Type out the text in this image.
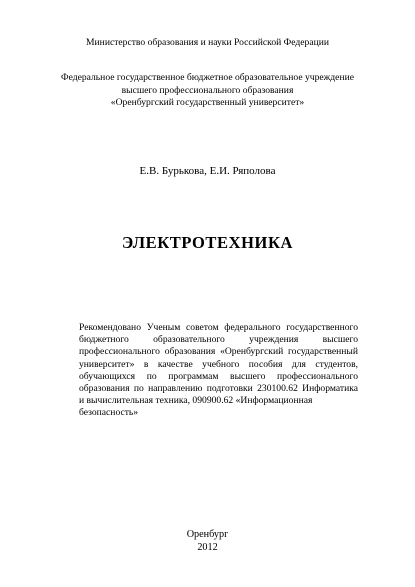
Министерство образования и науки Российской Федерации
Федеральное государственное бюджетное образовательное учреждение
высшего профессионального образования
«Оренбургский государственный университет»
Е.В. Бурькова, Е.И. Ряполова
ЭЛЕКТРОТЕХНИКА
Рекомендовано Ученым советом федерального государственного
бюджетного образовательного учреждения высшего
профессионального образования «Оренбургский государственный
университет» в качестве учебного пособия для студентов,
обучающихся по программам высшего профессионального
образования по направлению подготовки 230100.62 Информатика
и вычислительная техника, 090900.62 «Информационная
безопасность»
Оренбург
2012
